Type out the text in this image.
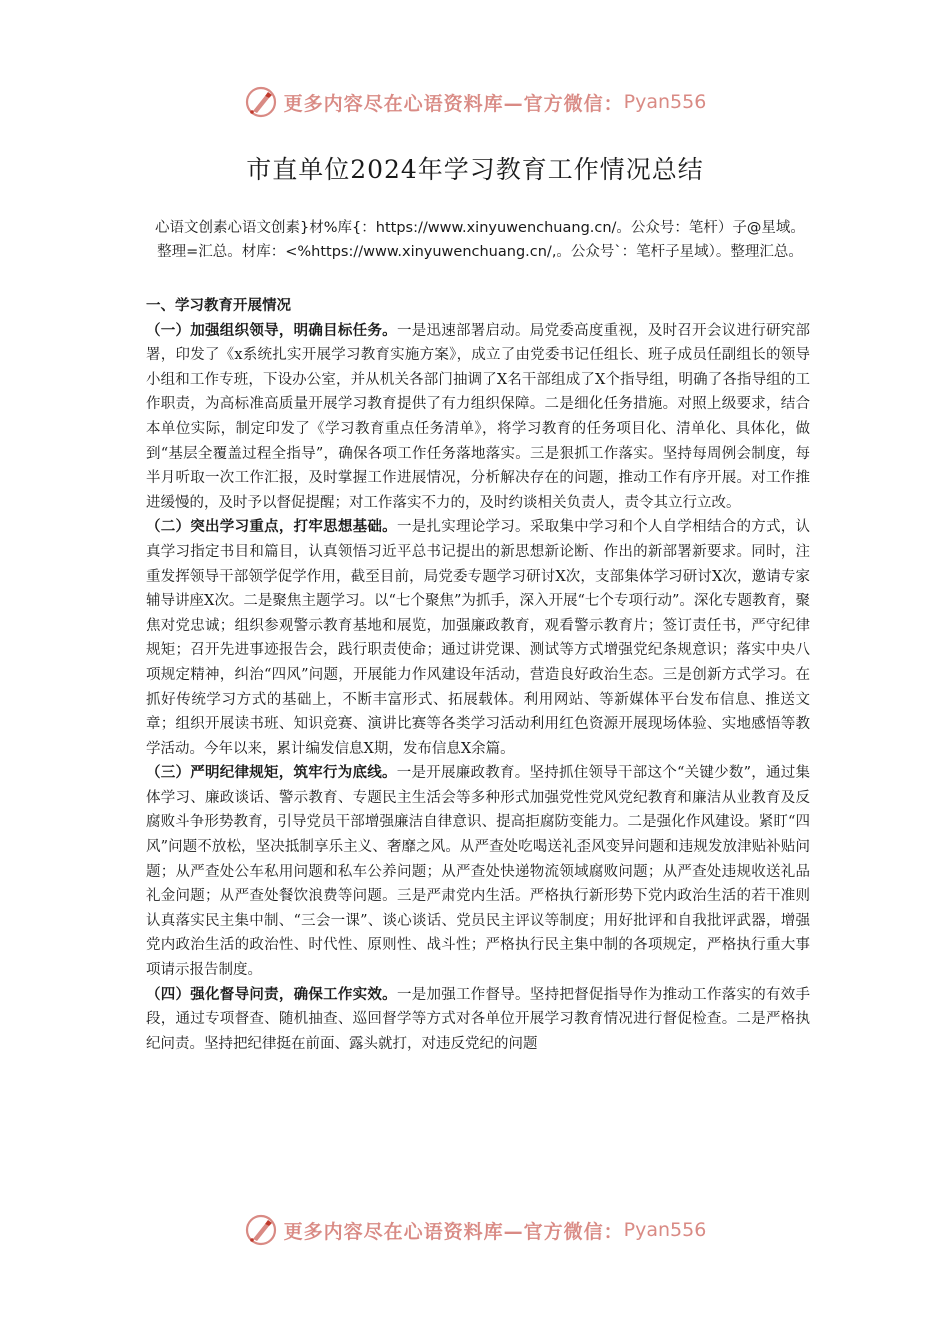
更多内容尽在心语资料库—官方微信： Pyan556
市直单位2024年学习教育工作情况总结

心语文创素心语文创素}材%库{：https://www.xinyuwenchuang.cn/。公众号：笔杆）子@星域。整理=汇总。材库：<%https://www.xinyuwenchuang.cn/,。公众号`：笔杆子星域）。整理汇总。

一、学习教育开展情况

（一）加强组织领导，明确目标任务。一是迅速部署启动。局党委高度重视，及时召开会议进行研究部署，印发了《x系统扎实开展学习教育实施方案》，成立了由党委书记任组长、班子成员任副组长的领导小组和工作专班，下设办公室，并从机关各部门抽调了X名干部组成了X个指导组，明确了各指导组的工作职责，为高标准高质量开展学习教育提供了有力组织保障。二是细化任务措施。对照上级要求，结合本单位实际，制定印发了《学习教育重点任务清单》，将学习教育的任务项目化、清单化、具体化，做到“基层全覆盖过程全指导”，确保各项工作任务落地落实。三是狠抓工作落实。坚持每周例会制度，每半月听取一次工作汇报，及时掌握工作进展情况，分析解决存在的问题，推动工作有序开展。对工作推进缓慢的，及时予以督促提醒；对工作落实不力的，及时约谈相关负责人，责令其立行立改。

（二）突出学习重点，打牢思想基础。一是扎实理论学习。采取集中学习和个人自学相结合的方式，认真学习指定书目和篇目，认真领悟习近平总书记提出的新思想新论断、作出的新部署新要求。同时，注重发挥领导干部领学促学作用，截至目前，局党委专题学习研讨X次，支部集体学习研讨X次，邀请专家辅导讲座X次。二是聚焦主题学习。以“七个聚焦”为抓手，深入开展“七个专项行动”。深化专题教育，聚焦对党忠诚；组织参观警示教育基地和展览，加强廉政教育，观看警示教育片；签订责任书，严守纪律规矩；召开先进事迹报告会，践行职责使命；通过讲党课、测试等方式增强党纪条规意识；落实中央八项规定精神，纠治“四风”问题，开展能力作风建设年活动，营造良好政治生态。三是创新方式学习。在抓好传统学习方式的基础上，不断丰富形式、拓展载体。利用网站、等新媒体平台发布信息、推送文章；组织开展读书班、知识竞赛、演讲比赛等各类学习活动利用红色资源开展现场体验、实地感悟等教学活动。今年以来，累计编发信息X期，发布信息X余篇。

（三）严明纪律规矩，筑牢行为底线。一是开展廉政教育。坚持抓住领导干部这个“关键少数”，通过集体学习、廉政谈话、警示教育、专题民主生活会等多种形式加强党性党风党纪教育和廉洁从业教育及反腐败斗争形势教育，引导党员干部增强廉洁自律意识、提高拒腐防变能力。二是强化作风建设。紧盯“四风”问题不放松，坚决抵制享乐主义、奢靡之风。从严查处吃喝送礼歪风变异问题和违规发放津贴补贴问题；从严查处公车私用问题和私车公养问题；从严查处快递物流领域腐败问题；从严查处违规收送礼品礼金问题；从严查处餐饮浪费等问题。三是严肃党内生活。严格执行新形势下党内政治生活的若干准则认真落实民主集中制、“三会一课”、谈心谈话、党员民主评议等制度；用好批评和自我批评武器，增强党内政治生活的政治性、时代性、原则性、战斗性；严格执行民主集中制的各项规定，严格执行重大事项请示报告制度。

（四）强化督导问责，确保工作实效。一是加强工作督导。坚持把督促指导作为推动工作落实的有效手段，通过专项督查、随机抽查、巡回督学等方式对各单位开展学习教育情况进行督促检查。二是严格执纪问责。坚持把纪律挺在前面、露头就打，对违反党纪的问题

更多内容尽在心语资料库—官方微信： Pyan556
